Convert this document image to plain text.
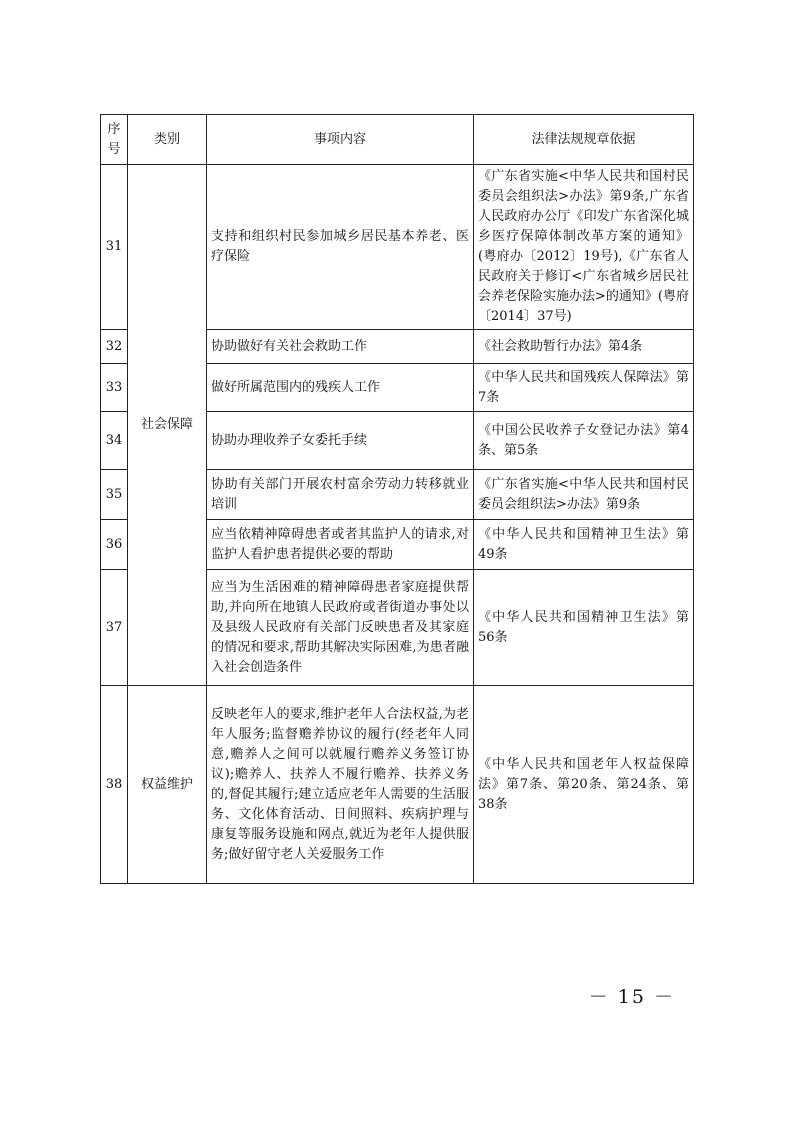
序号	类别	事项内容	法律法规规章依据
31	社会保障	支持和组织村民参加城乡居民基本养老、医疗保险	《广东省实施<中华人民共和国村民委员会组织法>办法》第9条,广东省人民政府办公厅《印发广东省深化城乡医疗保障体制改革方案的通知》(粤府办〔2012〕19号),《广东省人民政府关于修订<广东省城乡居民社会养老保险实施办法>的通知》(粤府〔2014〕37号)
32		协助做好有关社会救助工作	《社会救助暂行办法》第4条
33		做好所属范围内的残疾人工作	《中华人民共和国残疾人保障法》第7条
34		协助办理收养子女委托手续	《中国公民收养子女登记办法》第4条、第5条
35		协助有关部门开展农村富余劳动力转移就业培训	《广东省实施<中华人民共和国村民委员会组织法>办法》第9条
36		应当依精神障碍患者或者其监护人的请求,对监护人看护患者提供必要的帮助	《中华人民共和国精神卫生法》第49条
37		应当为生活困难的精神障碍患者家庭提供帮助,并向所在地镇人民政府或者街道办事处以及县级人民政府有关部门反映患者及其家庭的情况和要求,帮助其解决实际困难,为患者融入社会创造条件	《中华人民共和国精神卫生法》第56条
38	权益维护	反映老年人的要求,维护老年人合法权益,为老年人服务;监督赡养协议的履行(经老年人同意,赡养人之间可以就履行赡养义务签订协议);赡养人、扶养人不履行赡养、扶养义务的,督促其履行;建立适应老年人需要的生活服务、文化体育活动、日间照料、疾病护理与康复等服务设施和网点,就近为老年人提供服务;做好留守老人关爱服务工作	《中华人民共和国老年人权益保障法》第7条、第20条、第24条、第38条
－ 15 －
